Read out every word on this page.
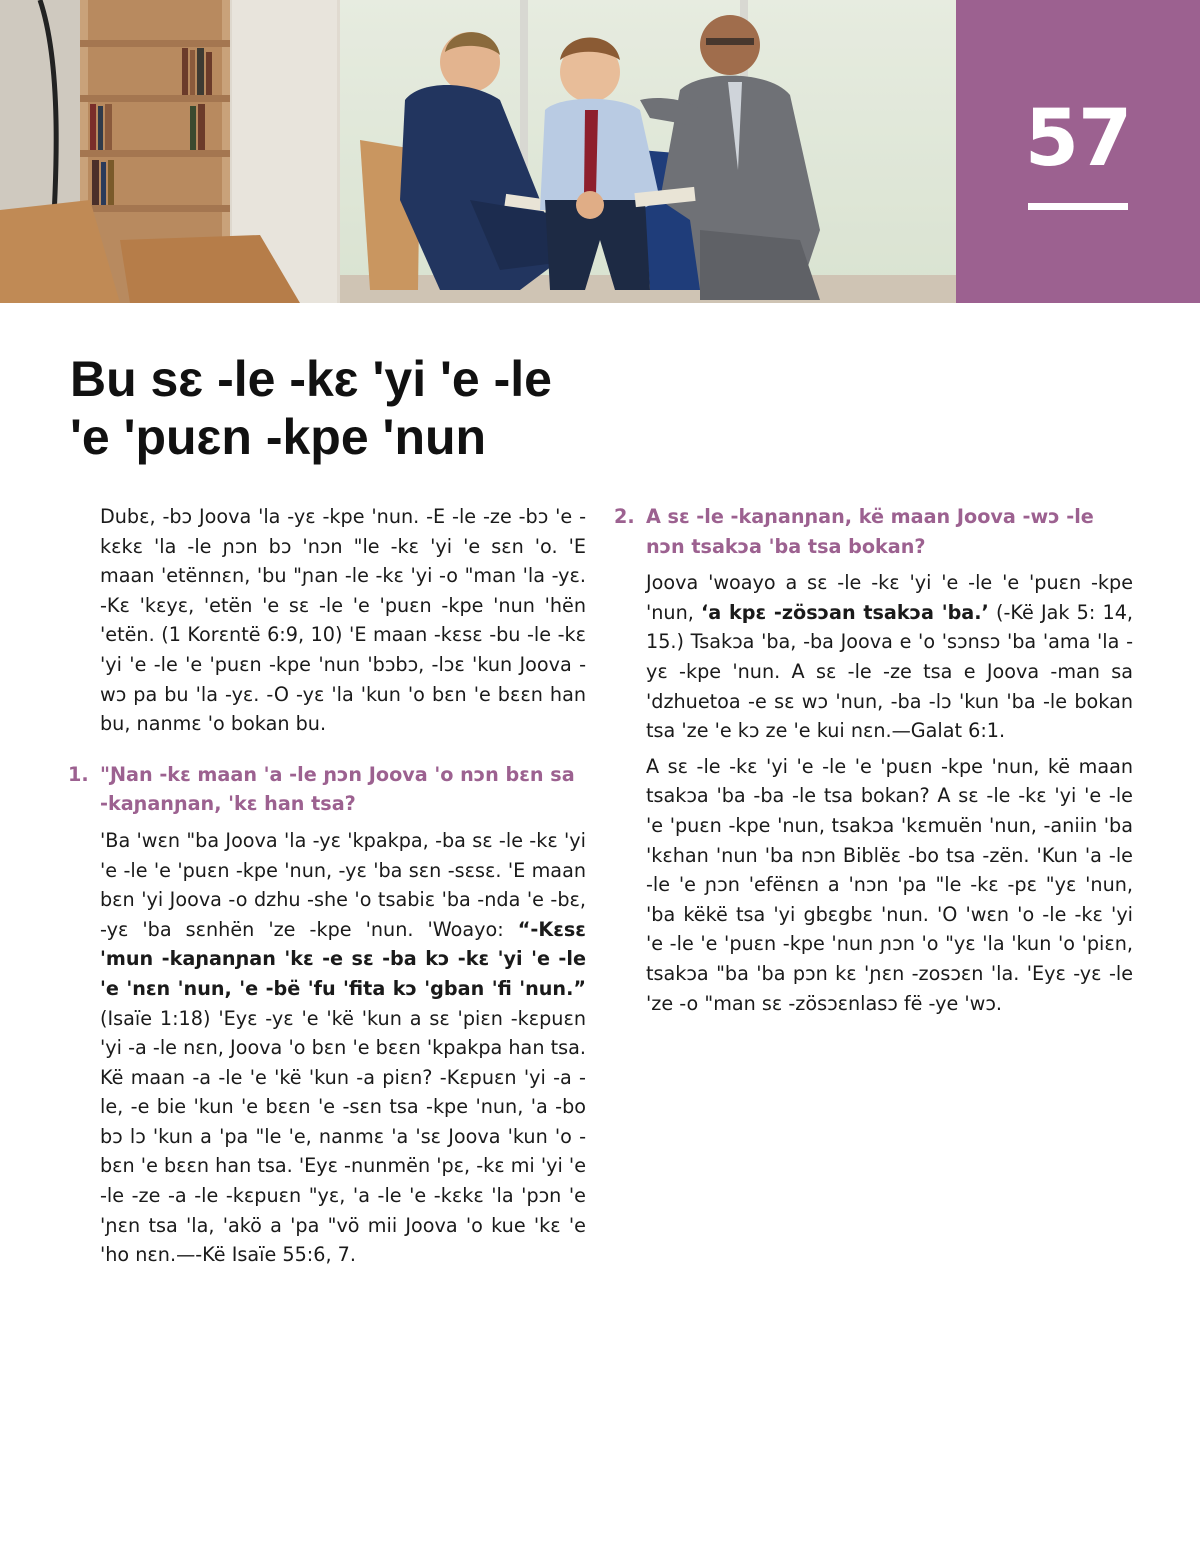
57
Bu sɛ -le -kɛ 'yi 'e -le
'e 'puɛn -kpe 'nun

Dubɛ, -bɔ Joova 'la -yɛ -kpe 'nun. -E -le -ze -bɔ 'e -kɛkɛ 'la -le ɲɔn bɔ 'nɔn "le -kɛ 'yi 'e sɛn 'o. 'E maan 'etënnɛn, 'bu "ɲan -le -kɛ 'yi -o "man 'la -yɛ. -Kɛ 'kɛyɛ, 'etën 'e sɛ -le 'e 'puɛn -kpe 'nun 'hën 'etën. (1 Korɛntë 6:9, 10) 'E maan -kɛsɛ -bu -le -kɛ 'yi 'e -le 'e 'puɛn -kpe 'nun 'bɔbɔ, -lɔɛ 'kun Joova -wɔ pa bu 'la -yɛ. -O -yɛ 'la 'kun 'o bɛn 'e bɛɛn han bu, nanmɛ 'o bokan bu.

1. "Ɲan -kɛ maan 'a -le ɲɔn Joova 'o nɔn bɛn sa -kaɲanɲan, 'kɛ han tsa?

'Ba 'wɛn "ba Joova 'la -yɛ 'kpakpa, -ba sɛ -le -kɛ 'yi 'e -le 'e 'puɛn -kpe 'nun, -yɛ 'ba sɛn -sɛsɛ. 'E maan bɛn 'yi Joova -o dzhu -she 'o tsabiɛ 'ba -nda 'e -bɛ, -yɛ 'ba sɛnhën 'ze -kpe 'nun. 'Woayo: “-Kɛsɛ 'mun -kaɲanɲan 'kɛ -e sɛ -ba kɔ -kɛ 'yi 'e -le 'e 'nɛn 'nun, 'e -bë 'fu 'fita kɔ 'gban 'fi 'nun.” (Isaïe 1:18) 'Eyɛ -yɛ 'e 'kë 'kun a sɛ 'piɛn -kɛpuɛn 'yi -a -le nɛn, Joova 'o bɛn 'e bɛɛn 'kpakpa han tsa. Kë maan -a -le 'e 'kë 'kun -a piɛn? -Kɛpuɛn 'yi -a -le, -e bie 'kun 'e bɛɛn 'e -sɛn tsa -kpe 'nun, 'a -bo bɔ lɔ 'kun a 'pa "le 'e, nanmɛ 'a 'sɛ Joova 'kun 'o -bɛn 'e bɛɛn han tsa. 'Eyɛ -nunmën 'pɛ, -kɛ mi 'yi 'e -le -ze -a -le -kɛpuɛn "yɛ, 'a -le 'e -kɛkɛ 'la 'pɔn 'e 'ɲɛn tsa 'la, 'akö a 'pa "vö mii Joova 'o kue 'kɛ 'e 'ho nɛn.—-Kë Isaïe 55:6, 7.

2. A sɛ -le -kaɲanɲan, kë maan Joova -wɔ -le nɔn tsakɔa 'ba tsa bokan?

Joova 'woayo a sɛ -le -kɛ 'yi 'e -le 'e 'puɛn -kpe 'nun, ‘a kpɛ -zösɔan tsakɔa 'ba.’ (-Kë Jak 5: 14, 15.) Tsakɔa 'ba, -ba Joova e 'o 'sɔnsɔ 'ba 'ama 'la -yɛ -kpe 'nun. A sɛ -le -ze tsa e Joova -man sa 'dzhuetoa -e sɛ wɔ 'nun, -ba -lɔ 'kun 'ba -le bokan tsa 'ze 'e kɔ ze 'e kui nɛn.—Galat 6:1.

A sɛ -le -kɛ 'yi 'e -le 'e 'puɛn -kpe 'nun, kë maan tsakɔa 'ba -ba -le tsa bokan? A sɛ -le -kɛ 'yi 'e -le 'e 'puɛn -kpe 'nun, tsakɔa 'kɛmuën 'nun, -aniin 'ba 'kɛhan 'nun 'ba nɔn Biblëɛ -bo tsa -zën. 'Kun 'a -le -le 'e ɲɔn 'efënɛn a 'nɔn 'pa "le -kɛ -pɛ "yɛ 'nun, 'ba këkë tsa 'yi gbɛgbɛ 'nun. 'O 'wɛn 'o -le -kɛ 'yi 'e -le 'e 'puɛn -kpe 'nun ɲɔn 'o "yɛ 'la 'kun 'o 'piɛn, tsakɔa "ba 'ba pɔn kɛ 'ɲɛn -zosɔɛn 'la. 'Eyɛ -yɛ -le 'ze -o "man sɛ -zösɔɛnlasɔ fë -ye 'wɔ.
